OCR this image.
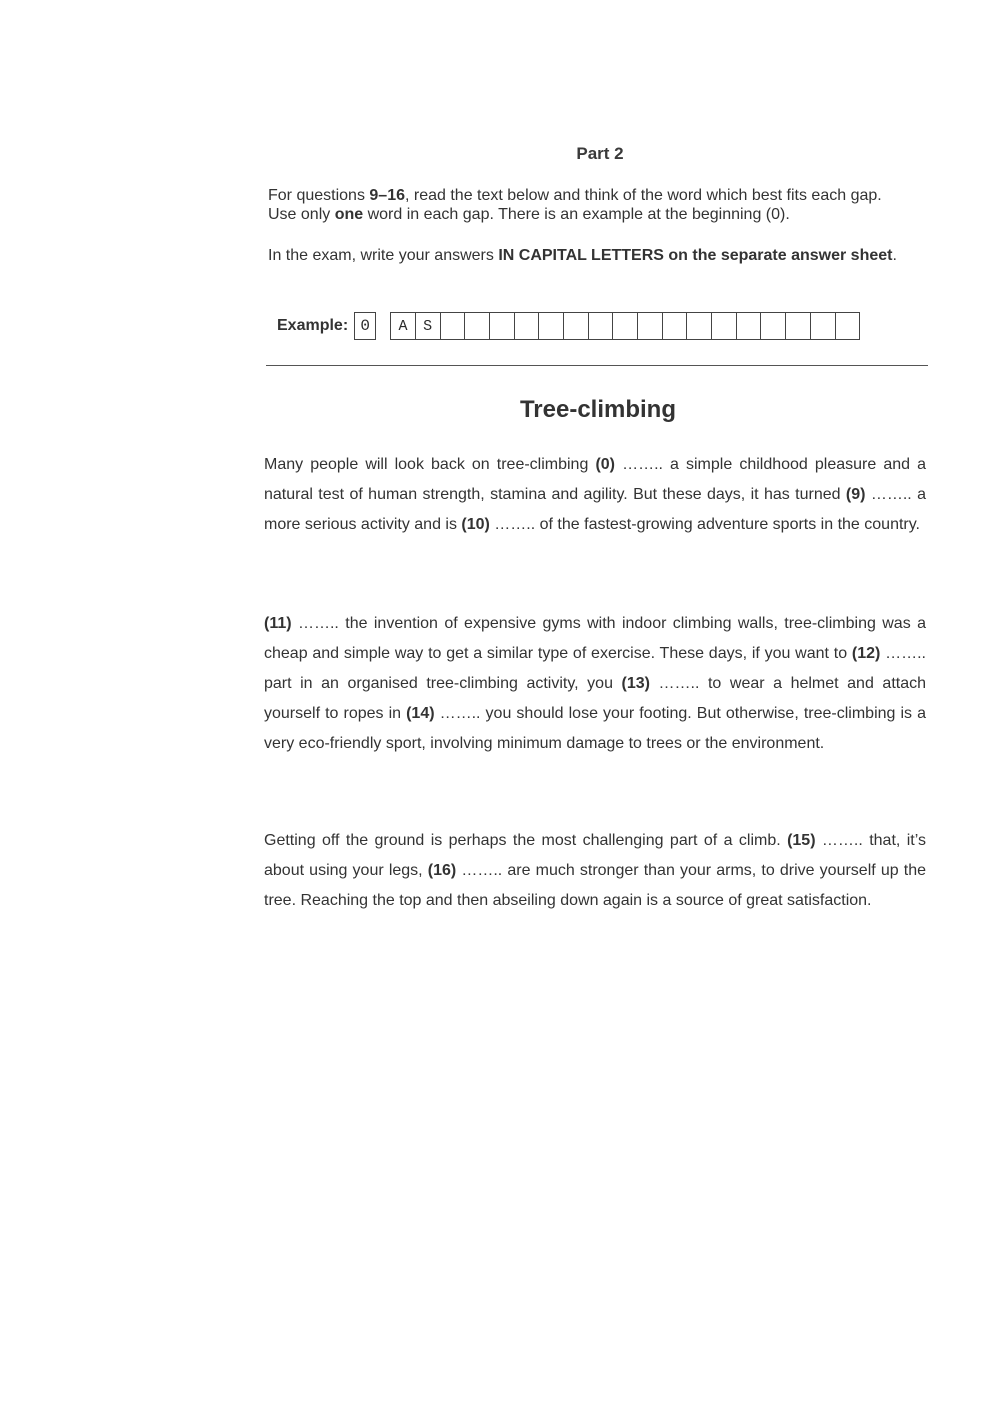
Part 2
For questions 9–16, read the text below and think of the word which best fits each gap. Use only one word in each gap. There is an example at the beginning (0).
In the exam, write your answers IN CAPITAL LETTERS on the separate answer sheet.
Example: 0	A	S
Tree-climbing
Many people will look back on tree-climbing (0) …….. a simple childhood pleasure and a natural test of human strength, stamina and agility. But these days, it has turned (9) …….. a more serious activity and is (10) …….. of the fastest-growing adventure sports in the country.
(11) …….. the invention of expensive gyms with indoor climbing walls, tree-climbing was a cheap and simple way to get a similar type of exercise. These days, if you want to (12) …….. part in an organised tree-climbing activity, you (13) …….. to wear a helmet and attach yourself to ropes in (14) …….. you should lose your footing. But otherwise, tree-climbing is a very eco-friendly sport, involving minimum damage to trees or the environment.
Getting off the ground is perhaps the most challenging part of a climb. (15) …….. that, it’s about using your legs, (16) …….. are much stronger than your arms, to drive yourself up the tree. Reaching the top and then abseiling down again is a source of great satisfaction.
